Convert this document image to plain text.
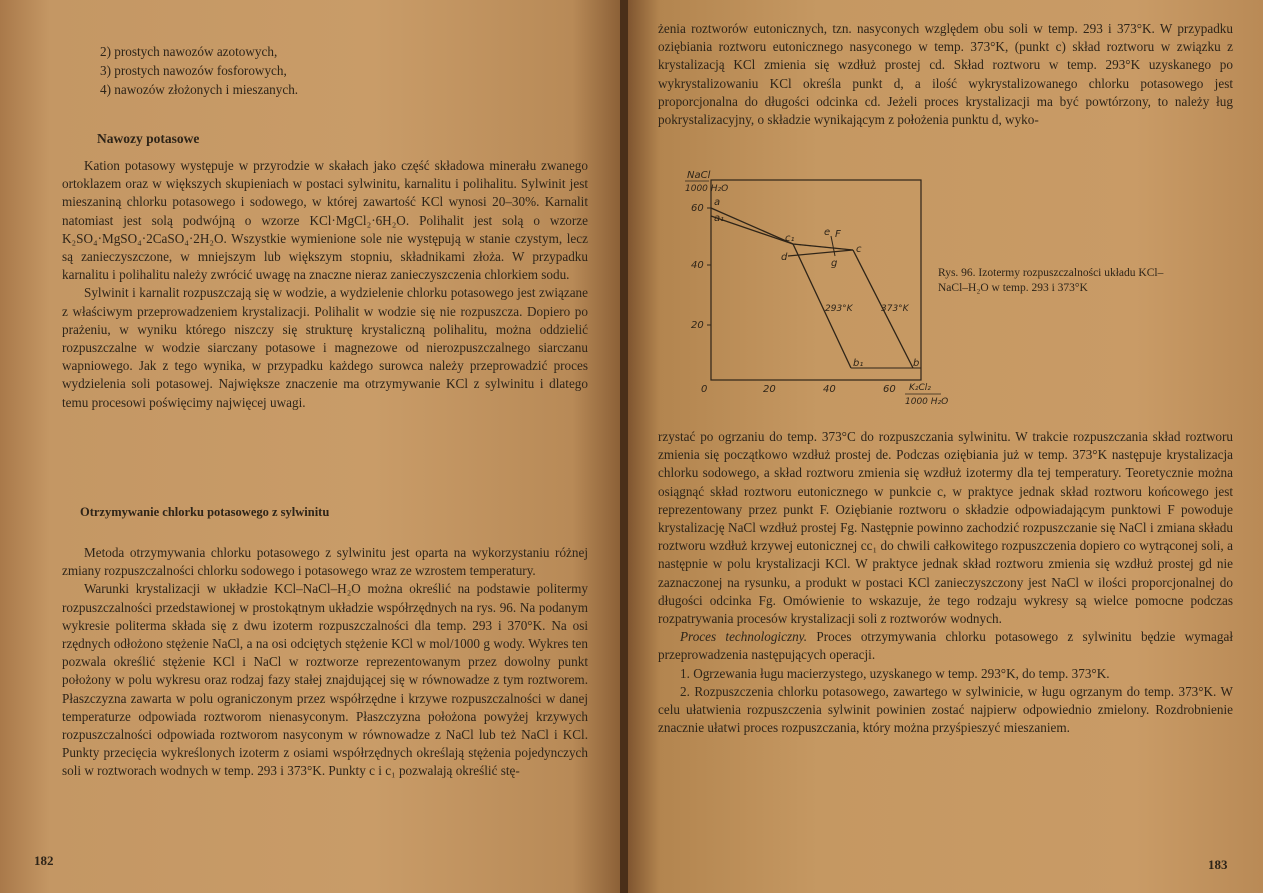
2) prostych nawozów azotowych,
3) prostych nawozów fosforowych,
4) nawozów złożonych i mieszanych.
Nawozy potasowe

Kation potasowy występuje w przyrodzie w skałach jako część składowa minerału zwanego ortoklazem oraz w większych skupieniach w postaci sylwinitu, karnalitu i polihalitu. Sylwinit jest mieszaniną chlorku potasowego i sodowego, w której zawartość KCl wynosi 20–30%. Karnalit natomiast jest solą podwójną o wzorze KCl·MgCl₂·6H₂O. Polihalit jest solą o wzorze K₂SO₄·MgSO₄·2CaSO₄·2H₂O. Wszystkie wymienione sole nie występują w stanie czystym, lecz są zanieczyszczone, w mniejszym lub większym stopniu, składnikami złoża. W przypadku karnalitu i polihalitu należy zwrócić uwagę na znaczne nieraz zanieczyszczenia chlorkiem sodu.

Sylwinit i karnalit rozpuszczają się w wodzie, a wydzielenie chlorku potasowego jest związane z właściwym przeprowadzeniem krystalizacji. Polihalit w wodzie się nie rozpuszcza. Dopiero po prażeniu, w wyniku którego niszczy się strukturę krystaliczną polihalitu, można oddzielić rozpuszczalne w wodzie siarczany potasowe i magnezowe od nierozpuszczalnego siarczanu wapniowego. Jak z tego wynika, w przypadku każdego surowca należy przeprowadzić proces wydzielenia soli potasowej. Największe znaczenie ma otrzymywanie KCl z sylwinitu i dlatego temu procesowi poświęcimy najwięcej uwagi.

Otrzymywanie chlorku potasowego z sylwinitu

Metoda otrzymywania chlorku potasowego z sylwinitu jest oparta na wykorzystaniu różnej zmiany rozpuszczalności chlorku sodowego i potasowego wraz ze wzrostem temperatury.

Warunki krystalizacji w układzie KCl–NaCl–H₂O można określić na podstawie politermy rozpuszczalności przedstawionej w prostokątnym układzie współrzędnych na rys. 96. Na podanym wykresie politerma składa się z dwu izoterm rozpuszczalności dla temp. 293 i 370°K. Na osi rzędnych odłożono stężenie NaCl, a na osi odciętych stężenie KCl w mol/1000 g wody. Wykres ten pozwala określić stężenie KCl i NaCl w roztworze reprezentowanym przez dowolny punkt położony w polu wykresu oraz rodzaj fazy stałej znajdującej się w równowadze z tym roztworem. Płaszczyzna zawarta w polu ograniczonym przez współrzędne i krzywe rozpuszczalności w danej temperaturze odpowiada roztworom nienasyconym. Płaszczyzna położona powyżej krzywych rozpuszczalności odpowiada roztworom nasyconym w równowadze z NaCl lub też NaCl i KCl. Punkty przecięcia wykreślonych izoterm z osiami współrzędnych określają stężenia pojedynczych soli w roztworach wodnych w temp. 293 i 373°K. Punkty c i c₁ pozwalają określić stę-

182

żenia roztworów eutonicznych, tzn. nasyconych względem obu soli w temp. 293 i 373°K. W przypadku oziębiania roztworu eutonicznego nasyconego w temp. 373°K, (punkt c) skład roztworu w związku z krystalizacją KCl zmienia się wzdłuż prostej cd. Skład roztworu w temp. 293°K uzyskanego po wykrystalizowaniu KCl określa punkt d, a ilość wykrystalizowanego chlorku potasowego jest proporcjonalna do długości odcinka cd. Jeżeli proces krystalizacji ma być powtórzony, to należy ług pokrystalizacyjny, o składzie wynikającym z położenia punktu d, wyko-

NaCl
1000 H₂O
60
40
20
0	20	40	60 K₂Cl₂
1000 H₂O
a
a₁
c₁
e F
c
d
g
b₁	b
293°K	373°K
Rys. 96. Izotermy rozpuszczalności układu KCl–NaCl–H₂O w temp. 293 i 373°K

rzystać po ogrzaniu do temp. 373°C do rozpuszczania sylwinitu. W trakcie rozpuszczania skład roztworu zmienia się początkowo wzdłuż prostej de. Podczas oziębiania już w temp. 373°K następuje krystalizacja chlorku sodowego, a skład roztworu zmienia się wzdłuż izotermy dla tej temperatury. Teoretycznie można osiągnąć skład roztworu eutonicznego w punkcie c, w praktyce jednak skład roztworu końcowego jest reprezentowany przez punkt F. Oziębianie roztworu o składzie odpowiadającym punktowi F powoduje krystalizację NaCl wzdłuż prostej Fg. Następnie powinno zachodzić rozpuszczanie się NaCl i zmiana składu roztworu wzdłuż krzywej eutonicznej cc₁ do chwili całkowitego rozpuszczenia dopiero co wytrąconej soli, a następnie w polu krystalizacji KCl. W praktyce jednak skład roztworu zmienia się wzdłuż prostej gd nie zaznaczonej na rysunku, a produkt w postaci KCl zanieczyszczony jest NaCl w ilości proporcjonalnej do długości odcinka Fg. Omówienie to wskazuje, że tego rodzaju wykresy są wielce pomocne podczas rozpatrywania procesów krystalizacji soli z roztworów wodnych.

Proces technologiczny. Proces otrzymywania chlorku potasowego z sylwinitu będzie wymagał przeprowadzenia następujących operacji.

1. Ogrzewania ługu macierzystego, uzyskanego w temp. 293°K, do temp. 373°K.

2. Rozpuszczenia chlorku potasowego, zawartego w sylwinicie, w ługu ogrzanym do temp. 373°K. W celu ułatwienia rozpuszczenia sylwinit powinien zostać najpierw odpowiednio zmielony. Rozdrobnienie znacznie ułatwi proces rozpuszczania, który można przyśpieszyć mieszaniem.

183
